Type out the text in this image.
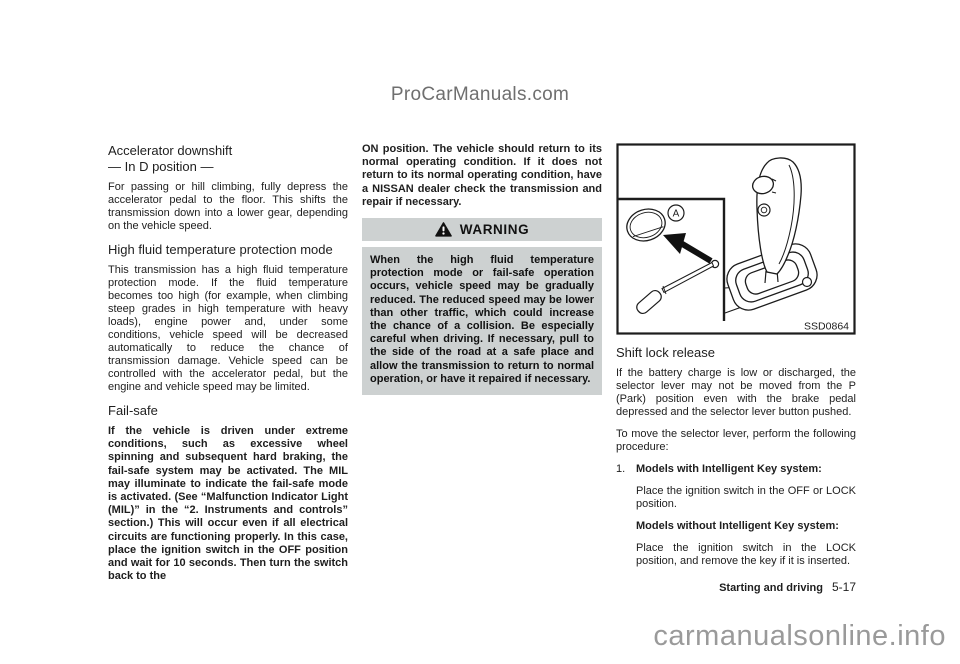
ProCarManuals.com
Accelerator downshift
— In D position —

For passing or hill climbing, fully depress the accelerator pedal to the floor. This shifts the transmission down into a lower gear, depending on the vehicle speed.

High fluid temperature protection mode

This transmission has a high fluid temperature protection mode. If the fluid temperature becomes too high (for example, when climbing steep grades in high temperature with heavy loads), engine power and, under some conditions, vehicle speed will be decreased automatically to reduce the chance of transmission damage. Vehicle speed can be controlled with the accelerator pedal, but the engine and vehicle speed may be limited.

Fail-safe

If the vehicle is driven under extreme conditions, such as excessive wheel spinning and subsequent hard braking, the fail-safe system may be activated. The MIL may illuminate to indicate the fail-safe mode is activated. (See “Malfunction Indicator Light (MIL)” in the “2. Instruments and controls” section.) This will occur even if all electrical circuits are functioning properly. In this case, place the ignition switch in the OFF position and wait for 10 seconds. Then turn the switch back to the

ON position. The vehicle should return to its normal operating condition. If it does not return to its normal operating condition, have a NISSAN dealer check the transmission and repair if necessary.

WARNING

When the high fluid temperature protection mode or fail-safe operation occurs, vehicle speed may be gradually reduced. The reduced speed may be lower than other traffic, which could increase the chance of a collision. Be especially careful when driving. If necessary, pull to the side of the road at a safe place and allow the transmission to return to normal operation, or have it repaired if necessary.

A
SSD0864
Shift lock release

If the battery charge is low or discharged, the selector lever may not be moved from the P (Park) position even with the brake pedal depressed and the selector lever button pushed.

To move the selector lever, perform the following procedure:

1. Models with Intelligent Key system:

Place the ignition switch in the OFF or LOCK position.

Models without Intelligent Key system:

Place the ignition switch in the LOCK position, and remove the key if it is inserted.

Starting and driving 5-17
carmanualsonline.info
